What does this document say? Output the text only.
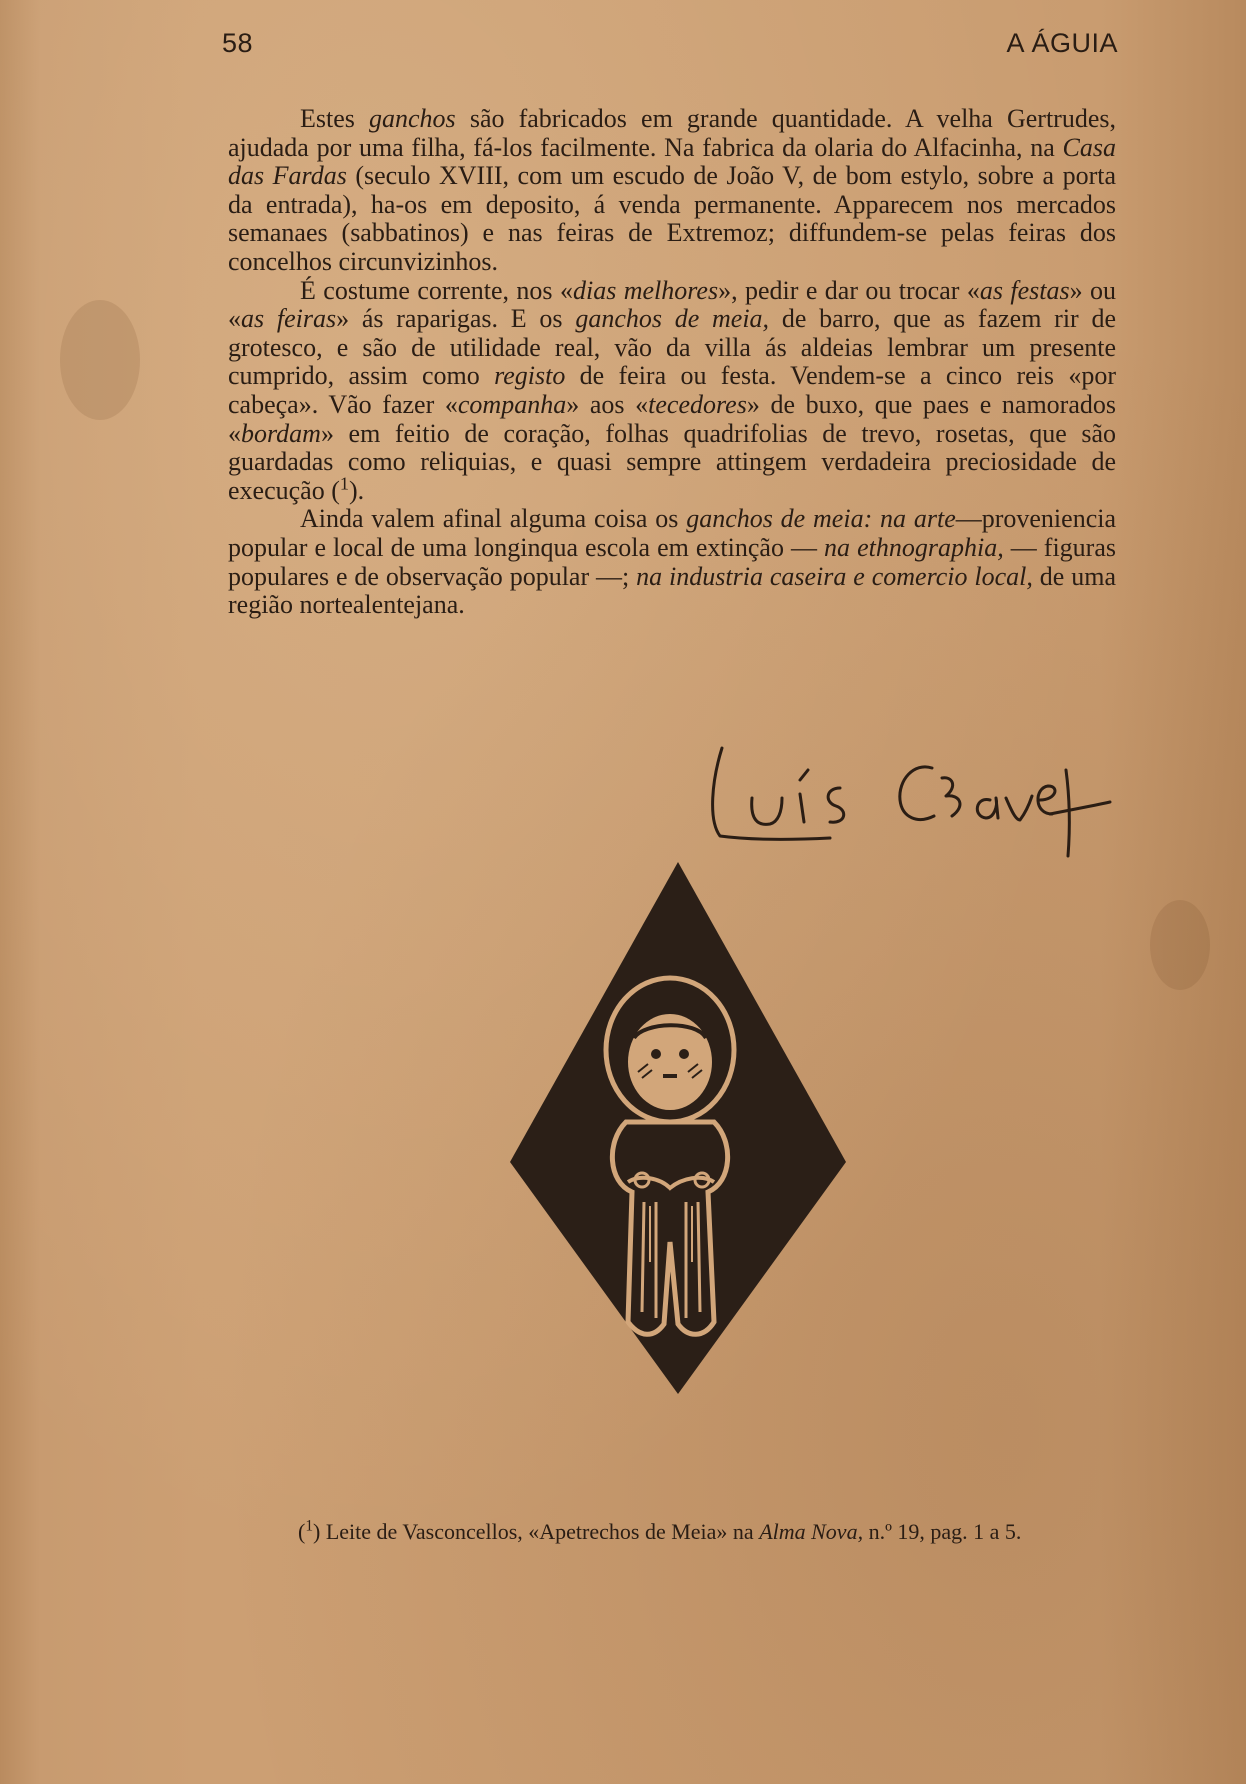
58	A ÁGUIA

Estes ganchos são fabricados em grande quantidade. A velha Gertrudes, ajudada por uma filha, fá-los facilmente. Na fabrica da olaria do Alfacinha, na Casa das Fardas (seculo XVIII, com um escudo de João V, de bom estylo, sobre a porta da entrada), ha-os em deposito, á venda permanente. Apparecem nos mercados semanaes (sabbatinos) e nas feiras de Extremoz; diffundem-se pelas feiras dos concelhos circunvizinhos.

É costume corrente, nos «dias melhores», pedir e dar ou trocar «as festas» ou «as feiras» ás raparigas. E os ganchos de meia, de barro, que as fazem rir de grotesco, e são de utilidade real, vão da villa ás aldeias lembrar um presente cumprido, assim como registo de feira ou festa. Vendem-se a cinco reis «por cabeça». Vão fazer «companha» aos «tecedores» de buxo, que paes e namorados «bordam» em feitio de coração, folhas quadrifolias de trevo, rosetas, que são guardadas como reliquias, e quasi sempre attingem verdadeira preciosidade de execução ($^1$).

Ainda valem afinal alguma coisa os ganchos de meia: na arte—proveniencia popular e local de uma longinqua escola em extinção — na ethnographia, — figuras populares e de observação popular —; na industria caseira e comercio local, de uma região nortealentejana.

($^1$) Leite de Vasconcellos, «Apetrechos de Meia» na Alma Nova, n.º 19, pag. 1 a 5.
